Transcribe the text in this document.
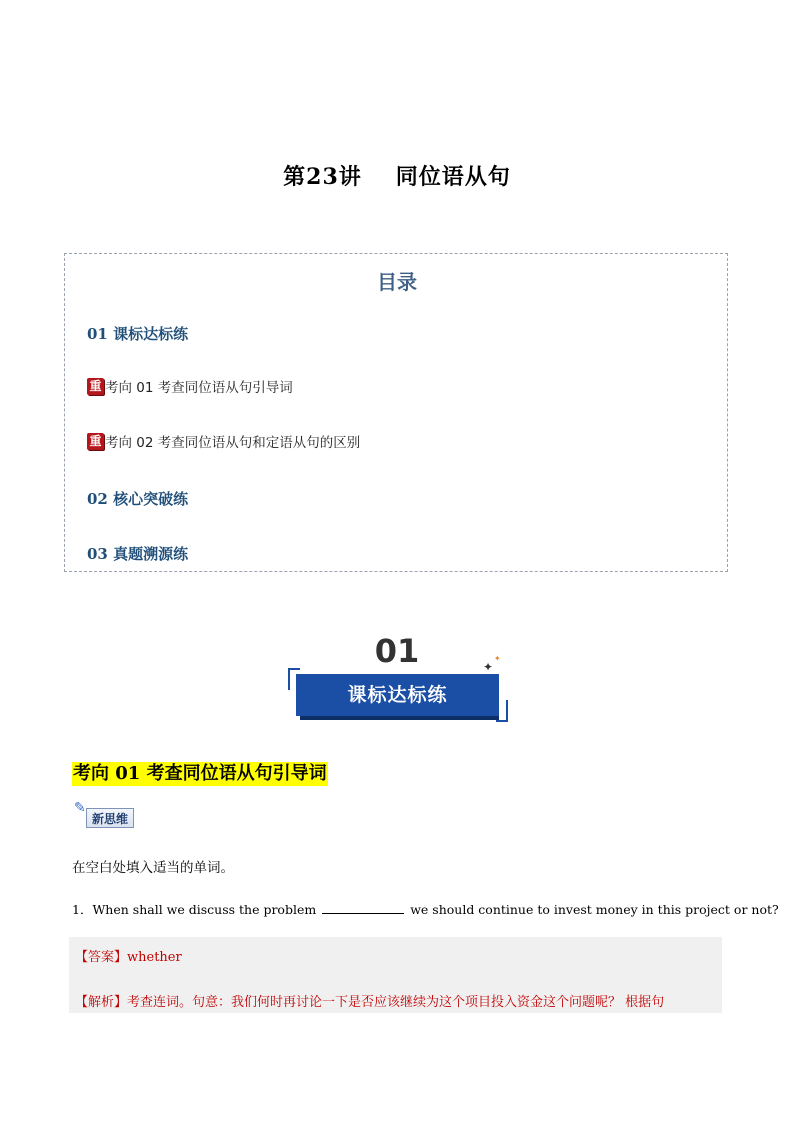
第23讲 同位语从句
目录
01 课标达标练
重 考向 01 考查同位语从句引导词
重 考向 02 考查同位语从句和定语从句的区别
02 核心突破练
03 真题溯源练
01
课标达标练
✦
✦
考向 01 考查同位语从句引导词
✎
新思维
在空白处填入适当的单词。
1．When shall we discuss the problem	we should continue to invest money in this project or not?
【答案】whether
【解析】考查连词。句意：我们何时再讨论一下是否应该继续为这个项目投入资金这个问题呢？ 根据句
